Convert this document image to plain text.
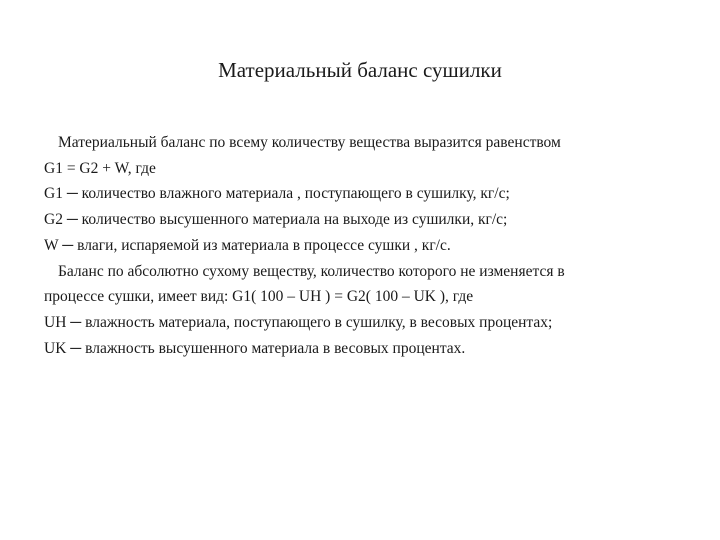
Материальный баланс сушилки
Материальный баланс по всему количеству вещества выразится равенством
G1 = G2 + W, где
G1 ─ количество влажного материала , поступающего в сушилку, кг/с;
G2 ─ количество высушенного материала на выходе из сушилки, кг/с;
W ─ влаги, испаряемой из материала в процессе сушки , кг/с.
Баланс по абсолютно сухому веществу, количество которого не изменяется в
процессе сушки, имеет вид: G1( 100 – UH ) = G2( 100 – UK ), где
UH ─ влажность материала, поступающего в сушилку, в весовых процентах;
UK ─ влажность высушенного материала в весовых процентах.
